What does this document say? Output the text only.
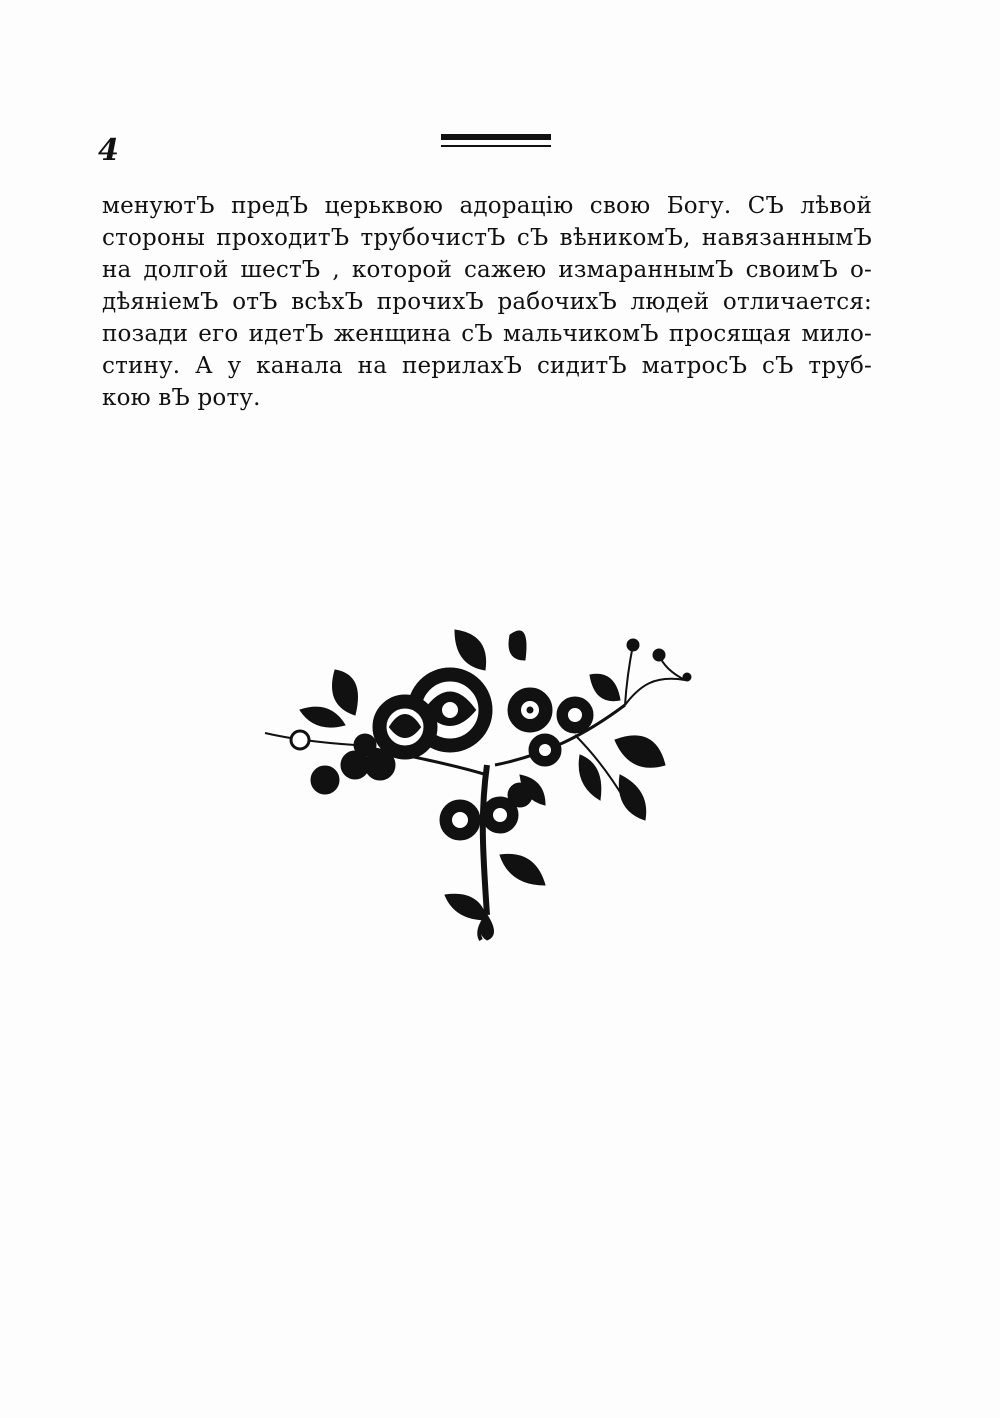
4
менуютЪ предЪ церьквою адорацію свою Богу. СЪ лѣвой
стороны проходитЪ трубочистЪ сЪ вѣникомЪ, навязаннымЪ
на долгой шестЪ , которой сажею измараннымЪ своимЪ о-
дѣяніемЪ отЪ всѣхЪ прочихЪ рабочихЪ людей отличается:
позади его идетЪ женщина сЪ мальчикомЪ просящая мило-
стину. А у канала на перилахЪ сидитЪ матросЪ сЪ труб-
кою вЪ роту.
